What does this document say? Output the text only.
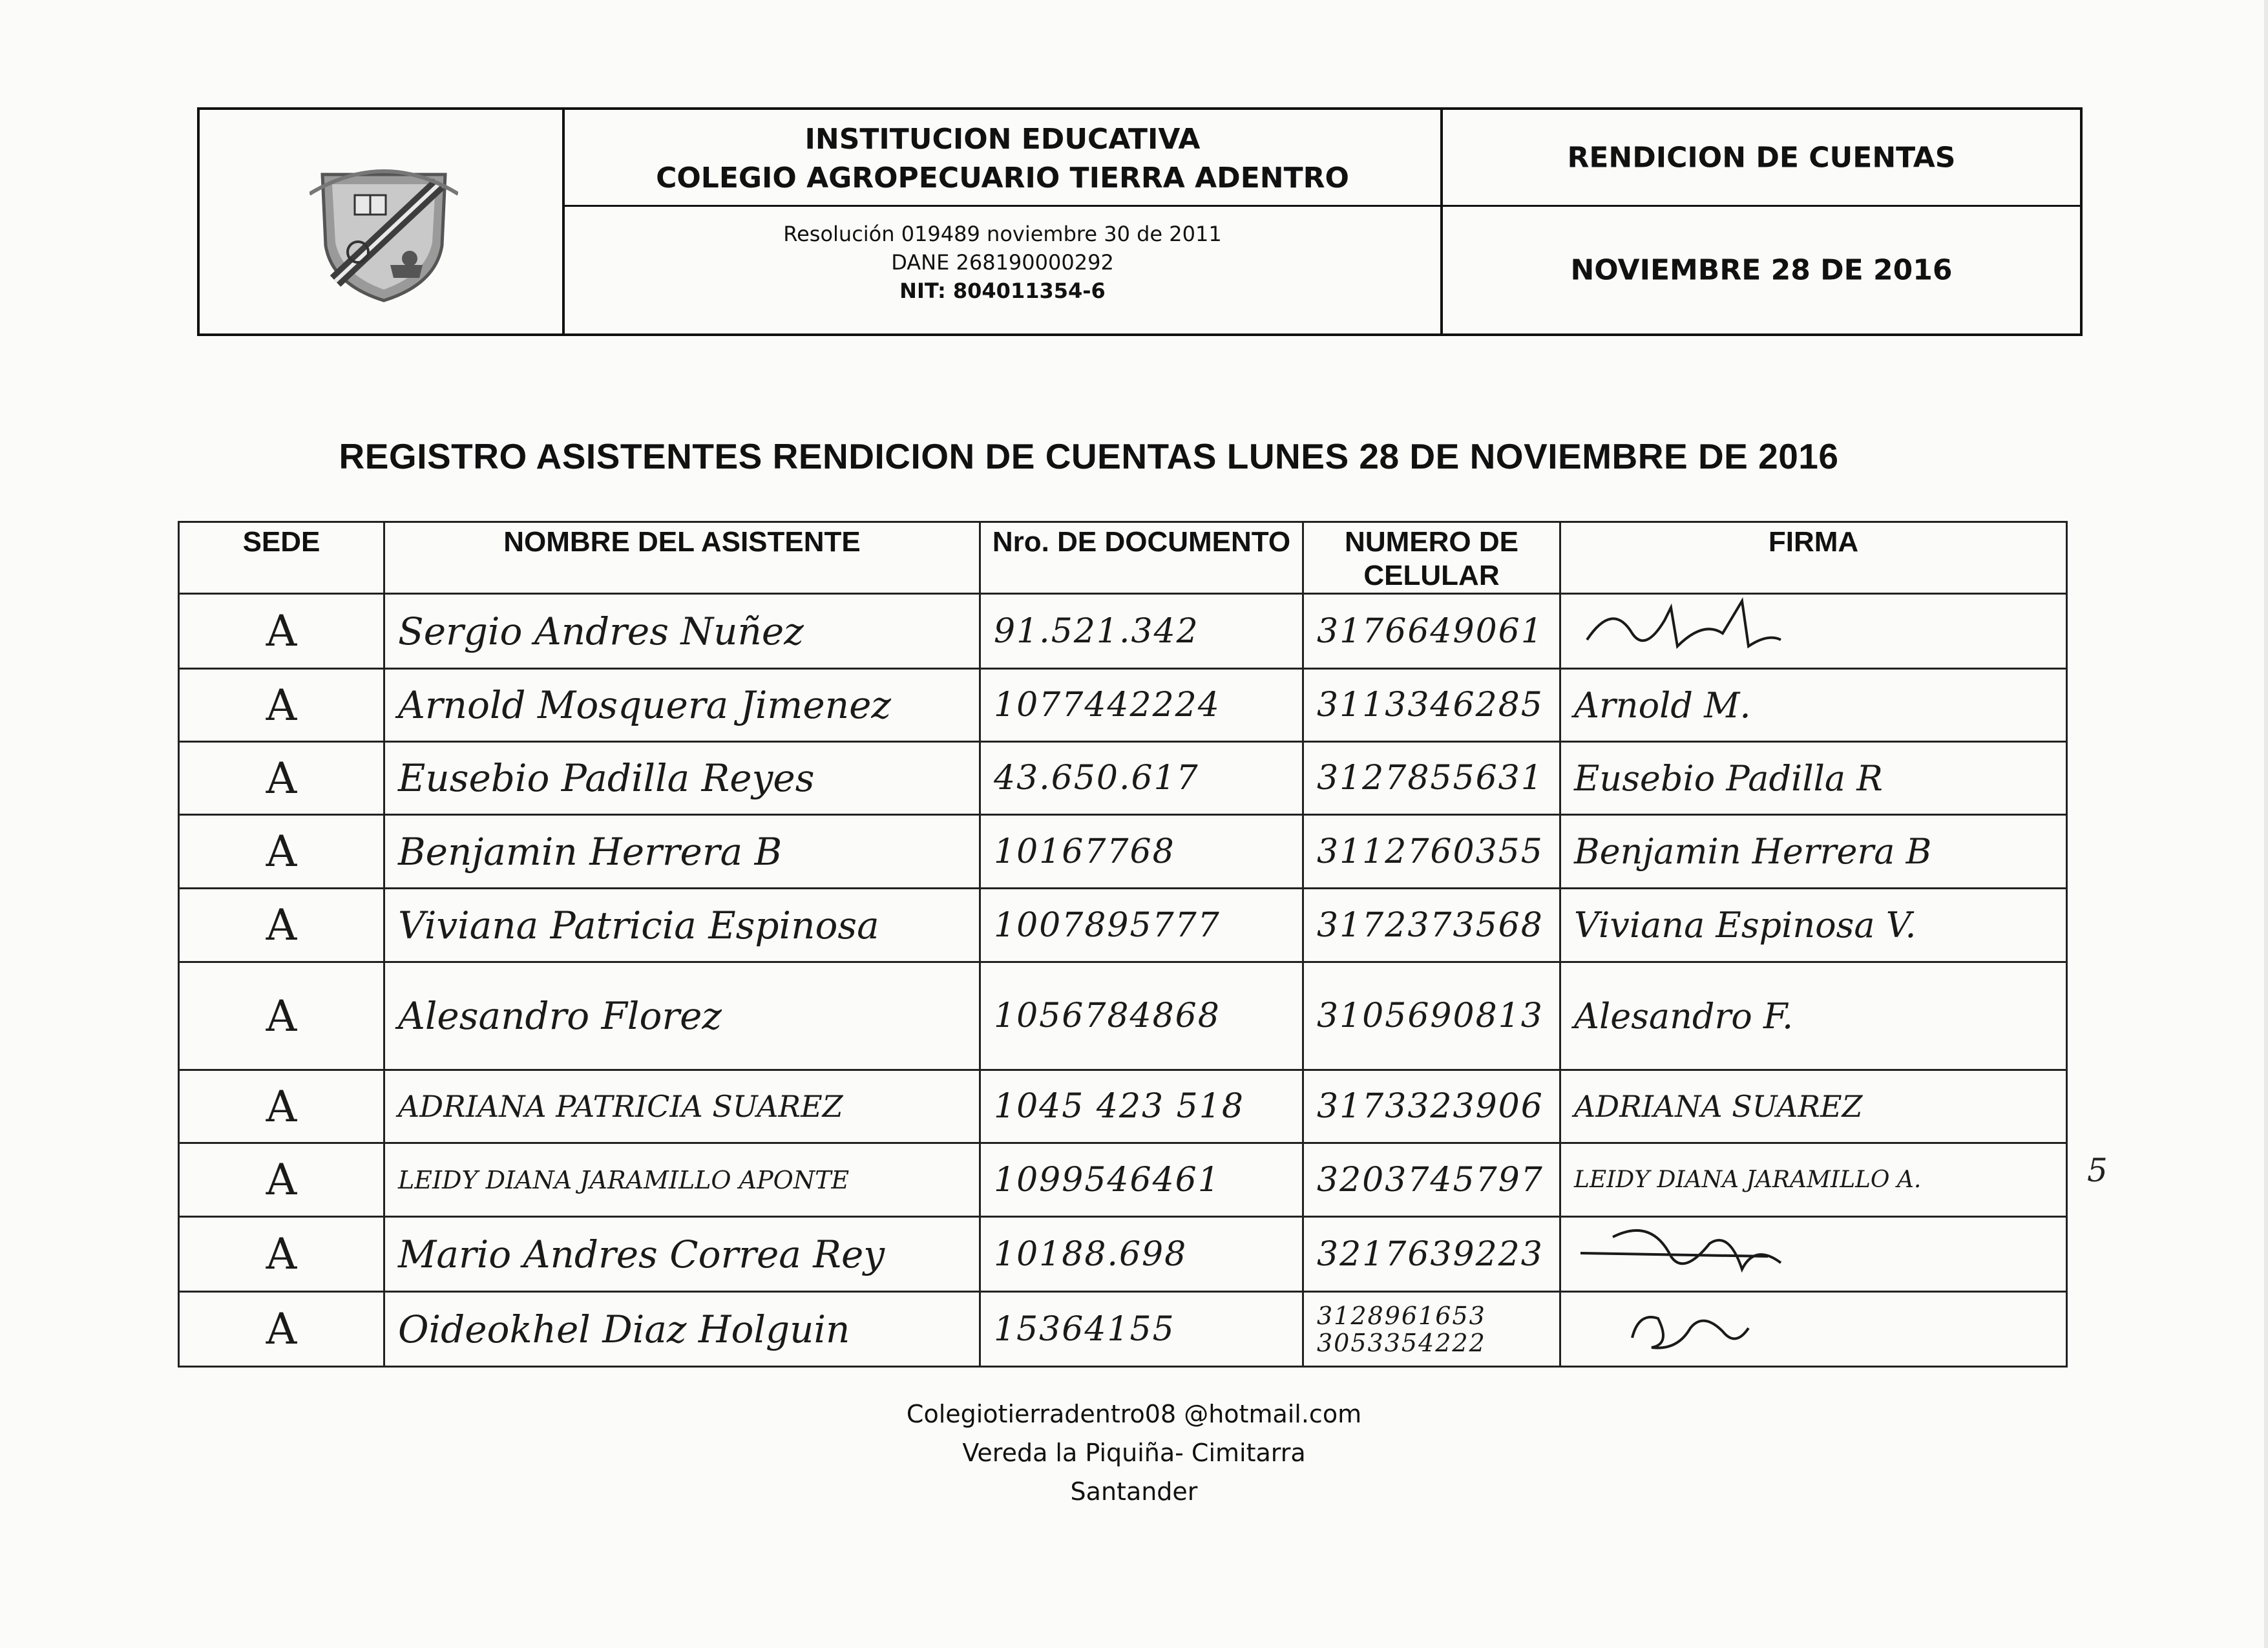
INSTITUCION EDUCATIVA
COLEGIO AGROPECUARIO TIERRA ADENTRO
Resolución 019489 noviembre 30 de 2011
DANE 268190000292
NIT: 804011354-6
RENDICION DE CUENTAS
NOVIEMBRE 28 DE 2016
REGISTRO ASISTENTES RENDICION DE CUENTAS LUNES 28 DE NOVIEMBRE DE 2016
SEDE	NOMBRE DEL ASISTENTE	Nro. DE DOCUMENTO	NUMERO DE CELULAR	FIRMA
A	Sergio Andres Nuñez	91.521.342	3176649061	
A	Arnold Mosquera Jimenez	1077442224	3113346285	Arnold M.
A	Eusebio Padilla Reyes	43.650.617	3127855631	Eusebio Padilla R
A	Benjamin Herrera B	10167768	3112760355	Benjamin Herrera B
A	Viviana Patricia Espinosa	1007895777	3172373568	Viviana Espinosa V.
A	Alesandro Florez	1056784868	3105690813	Alesandro F.
A	ADRIANA PATRICIA SUAREZ	1045 423 518	3173323906	ADRIANA SUAREZ
A	LEIDY DIANA JARAMILLO APONTE	1099546461	3203745797	LEIDY DIANA JARAMILLO A.
A	Mario Andres Correa Rey	10188.698	3217639223	
A	Oideokhel Diaz Holguin	15364155	3128961653
3053354222

5
Colegiotierradentro08 @hotmail.com
Vereda la Piquiña- Cimitarra
Santander
